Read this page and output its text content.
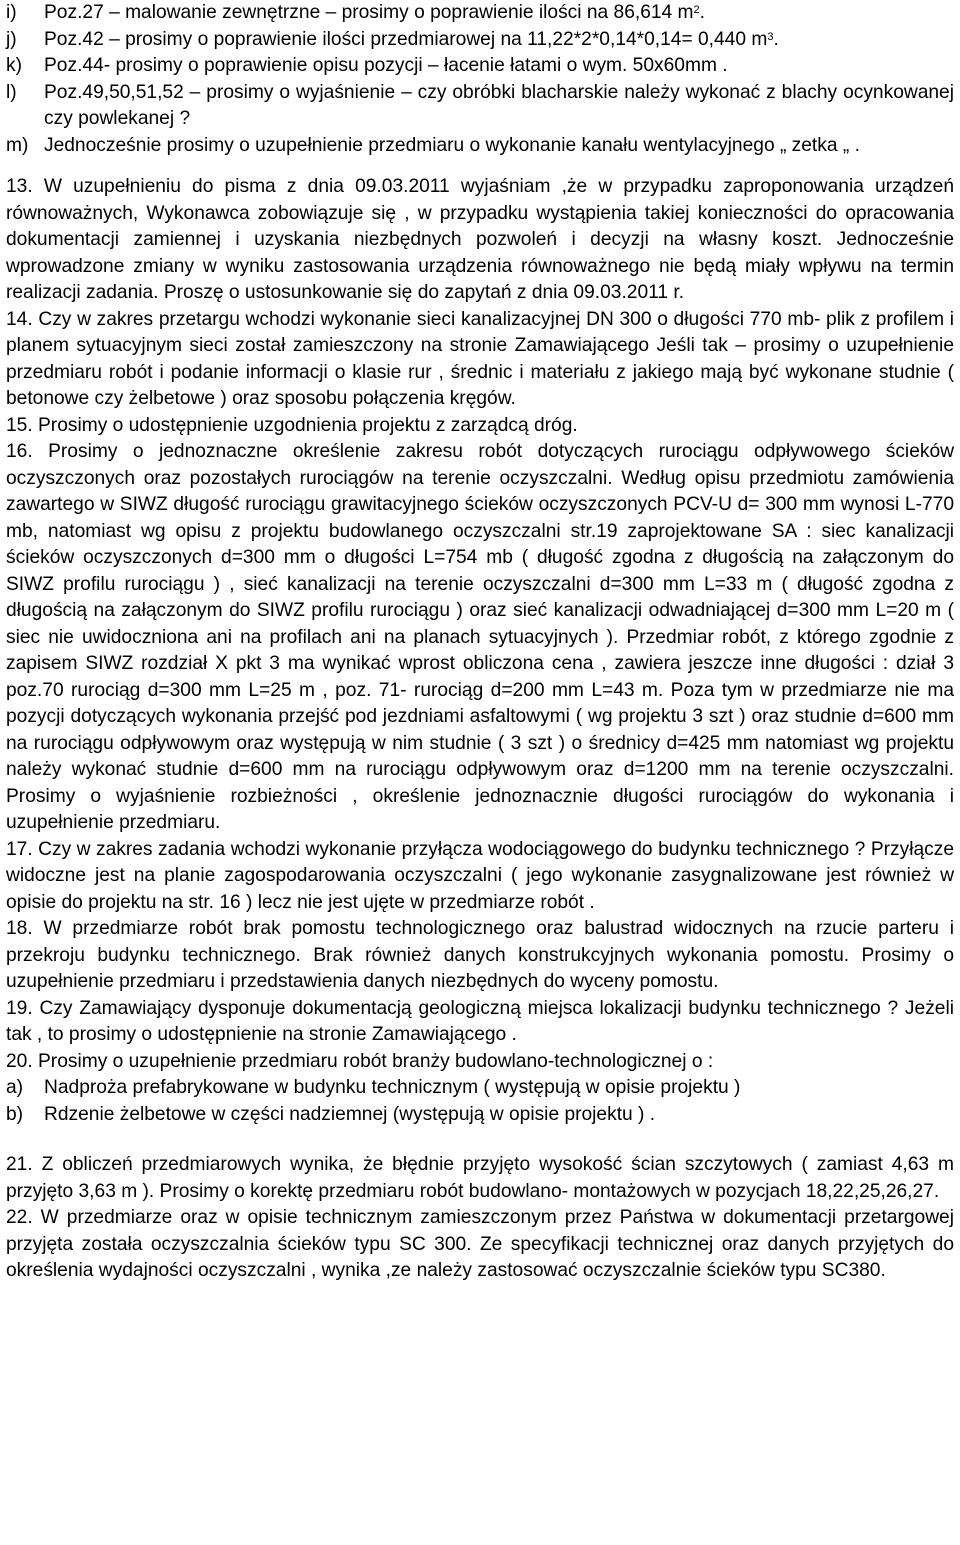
i)	Poz.27 – malowanie zewnętrzne – prosimy o poprawienie ilości na 86,614 $m^2$.
j)	Poz.42 – prosimy o poprawienie ilości przedmiarowej na 11,22*2*0,14*0,14= 0,440 $m^3$.
k)	Poz.44- prosimy o poprawienie opisu pozycji – łacenie łatami o wym. 50x60mm .
l)	Poz.49,50,51,52 – prosimy o wyjaśnienie – czy obróbki blacharskie należy wykonać z blachy ocynkowanej czy powlekanej ?
m) Jednocześnie prosimy o uzupełnienie przedmiaru o wykonanie kanału wentylacyjnego „ zetka „ .

13. W uzupełnieniu do pisma z dnia 09.03.2011 wyjaśniam ,że w przypadku zaproponowania urządzeń równoważnych, Wykonawca zobowiązuje się , w przypadku wystąpienia takiej konieczności do opracowania dokumentacji zamiennej i uzyskania niezbędnych pozwoleń i decyzji na własny koszt. Jednocześnie wprowadzone zmiany w wyniku zastosowania urządzenia równoważnego nie będą miały wpływu na termin realizacji zadania. Proszę o ustosunkowanie się do zapytań z dnia 09.03.2011 r.

14. Czy w zakres przetargu wchodzi wykonanie sieci kanalizacyjnej DN 300 o długości 770 mb- plik z profilem i planem sytuacyjnym sieci został zamieszczony na stronie Zamawiającego Jeśli tak – prosimy o uzupełnienie przedmiaru robót i podanie informacji o klasie rur , średnic i materiału z jakiego mają być wykonane studnie ( betonowe czy żelbetowe ) oraz sposobu połączenia kręgów.

15. Prosimy o udostępnienie uzgodnienia projektu z zarządcą dróg.

16. Prosimy o jednoznaczne określenie zakresu robót dotyczących rurociągu odpływowego ścieków oczyszczonych oraz pozostałych rurociągów na terenie oczyszczalni. Według opisu przedmiotu zamówienia zawartego w SIWZ długość rurociągu grawitacyjnego ścieków oczyszczonych PCV-U d= 300 mm wynosi L-770 mb, natomiast wg opisu z projektu budowlanego oczyszczalni str.19 zaprojektowane SA : siec kanalizacji ścieków oczyszczonych d=300 mm o długości L=754 mb ( długość zgodna z długością na załączonym do SIWZ profilu rurociągu ) , sieć kanalizacji na terenie oczyszczalni d=300 mm L=33 m ( długość zgodna z długością na załączonym do SIWZ profilu rurociągu ) oraz sieć kanalizacji odwadniającej d=300 mm L=20 m ( siec nie uwidoczniona ani na profilach ani na planach sytuacyjnych ). Przedmiar robót, z którego zgodnie z zapisem SIWZ rozdział X pkt 3 ma wynikać wprost obliczona cena , zawiera jeszcze inne długości : dział 3 poz.70 rurociąg d=300 mm L=25 m , poz. 71- rurociąg d=200 mm L=43 m. Poza tym w przedmiarze nie ma pozycji dotyczących wykonania przejść pod jezdniami asfaltowymi ( wg projektu 3 szt ) oraz studnie d=600 mm na rurociągu odpływowym oraz występują w nim studnie ( 3 szt ) o średnicy d=425 mm natomiast wg projektu należy wykonać studnie d=600 mm na rurociągu odpływowym oraz d=1200 mm na terenie oczyszczalni. Prosimy o wyjaśnienie rozbieżności , określenie jednoznacznie długości rurociągów do wykonania i uzupełnienie przedmiaru.

17. Czy w zakres zadania wchodzi wykonanie przyłącza wodociągowego do budynku technicznego ? Przyłącze widoczne jest na planie zagospodarowania oczyszczalni ( jego wykonanie zasygnalizowane jest również w opisie do projektu na str. 16 ) lecz nie jest ujęte w przedmiarze robót .

18. W przedmiarze robót brak pomostu technologicznego oraz balustrad widocznych na rzucie parteru i przekroju budynku technicznego. Brak również danych konstrukcyjnych wykonania pomostu. Prosimy o uzupełnienie przedmiaru i przedstawienia danych niezbędnych do wyceny pomostu.

19. Czy Zamawiający dysponuje dokumentacją geologiczną miejsca lokalizacji budynku technicznego ? Jeżeli tak , to prosimy o udostępnienie na stronie Zamawiającego .

20. Prosimy o uzupełnienie przedmiaru robót branży budowlano-technologicznej o :

a)	Nadproża prefabrykowane w budynku technicznym ( występują w opisie projektu )
b)	Rdzenie żelbetowe w części nadziemnej (występują w opisie projektu ) .

21. Z obliczeń przedmiarowych wynika, że błędnie przyjęto wysokość ścian szczytowych ( zamiast 4,63 m przyjęto 3,63 m ). Prosimy o korektę przedmiaru robót budowlano- montażowych w pozycjach 18,22,25,26,27.

22. W przedmiarze oraz w opisie technicznym zamieszczonym przez Państwa w dokumentacji przetargowej przyjęta została oczyszczalnia ścieków typu SC 300. Ze specyfikacji technicznej oraz danych przyjętych do określenia wydajności oczyszczalni , wynika ,ze należy zastosować oczyszczalnie ścieków typu SC380.
